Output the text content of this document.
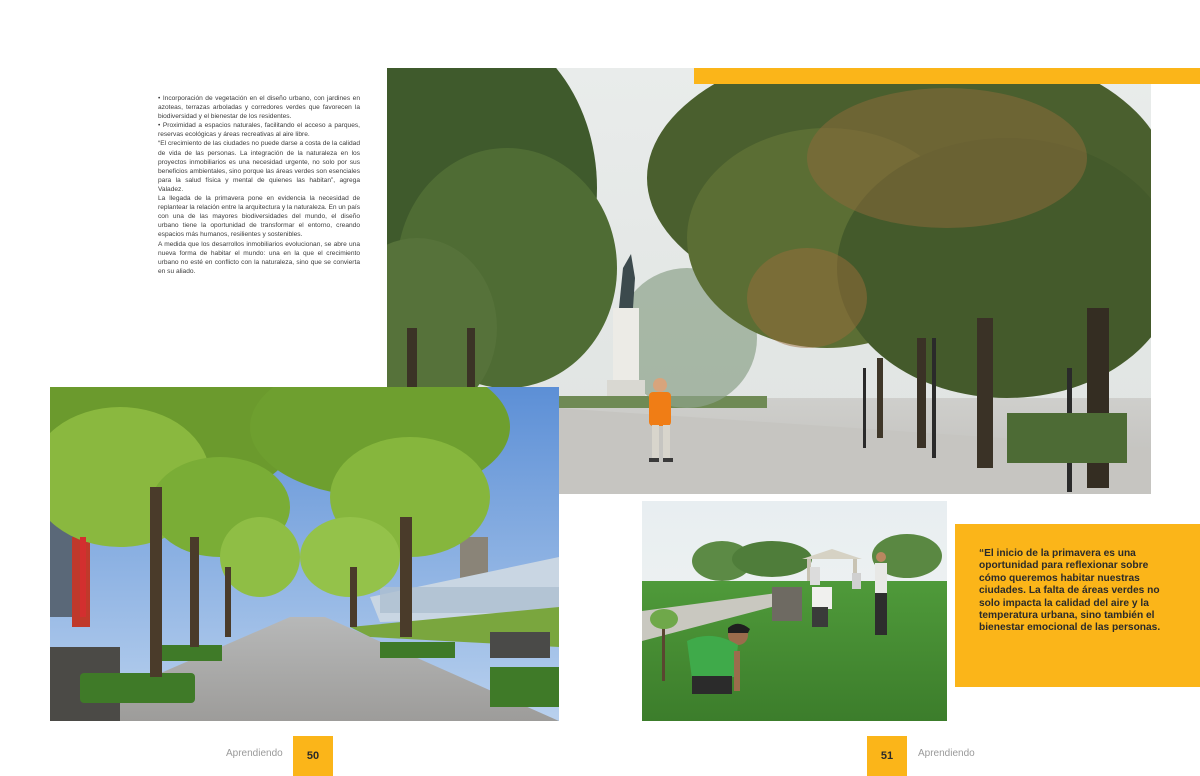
• Incorporación de vegetación en el diseño urbano, con jardines en azoteas, terrazas arboladas y corredores verdes que favorecen la biodiversidad y el bienestar de los residentes.

• Proximidad a espacios naturales, facilitando el acceso a parques, reservas ecológicas y áreas recreativas al aire libre.

“El crecimiento de las ciudades no puede darse a costa de la calidad de vida de las personas. La integración de la naturaleza en los proyectos inmobiliarios es una necesidad urgente, no solo por sus beneficios ambientales, sino porque las áreas verdes son esenciales para la salud física y mental de quienes las habitan”, agrega Valadez.

La llegada de la primavera pone en evidencia la necesidad de replantear la relación entre la arquitectura y la naturaleza. En un país con una de las mayores biodiversidades del mundo, el diseño urbano tiene la oportunidad de transformar el entorno, creando espacios más humanos, resilientes y sostenibles.

A medida que los desarrollos inmobiliarios evolucionan, se abre una nueva forma de habitar el mundo: una en la que el crecimiento urbano no esté en conflicto con la naturaleza, sino que se convierta en su aliado.

“El inicio de la primavera es una oportunidad para reflexionar sobre cómo queremos habitar nuestras ciudades. La falta de áreas verdes no solo impacta la calidad del aire y la temperatura urbana, sino también el bienestar emocional de las personas.

Aprendiendo	50	51	Aprendiendo
